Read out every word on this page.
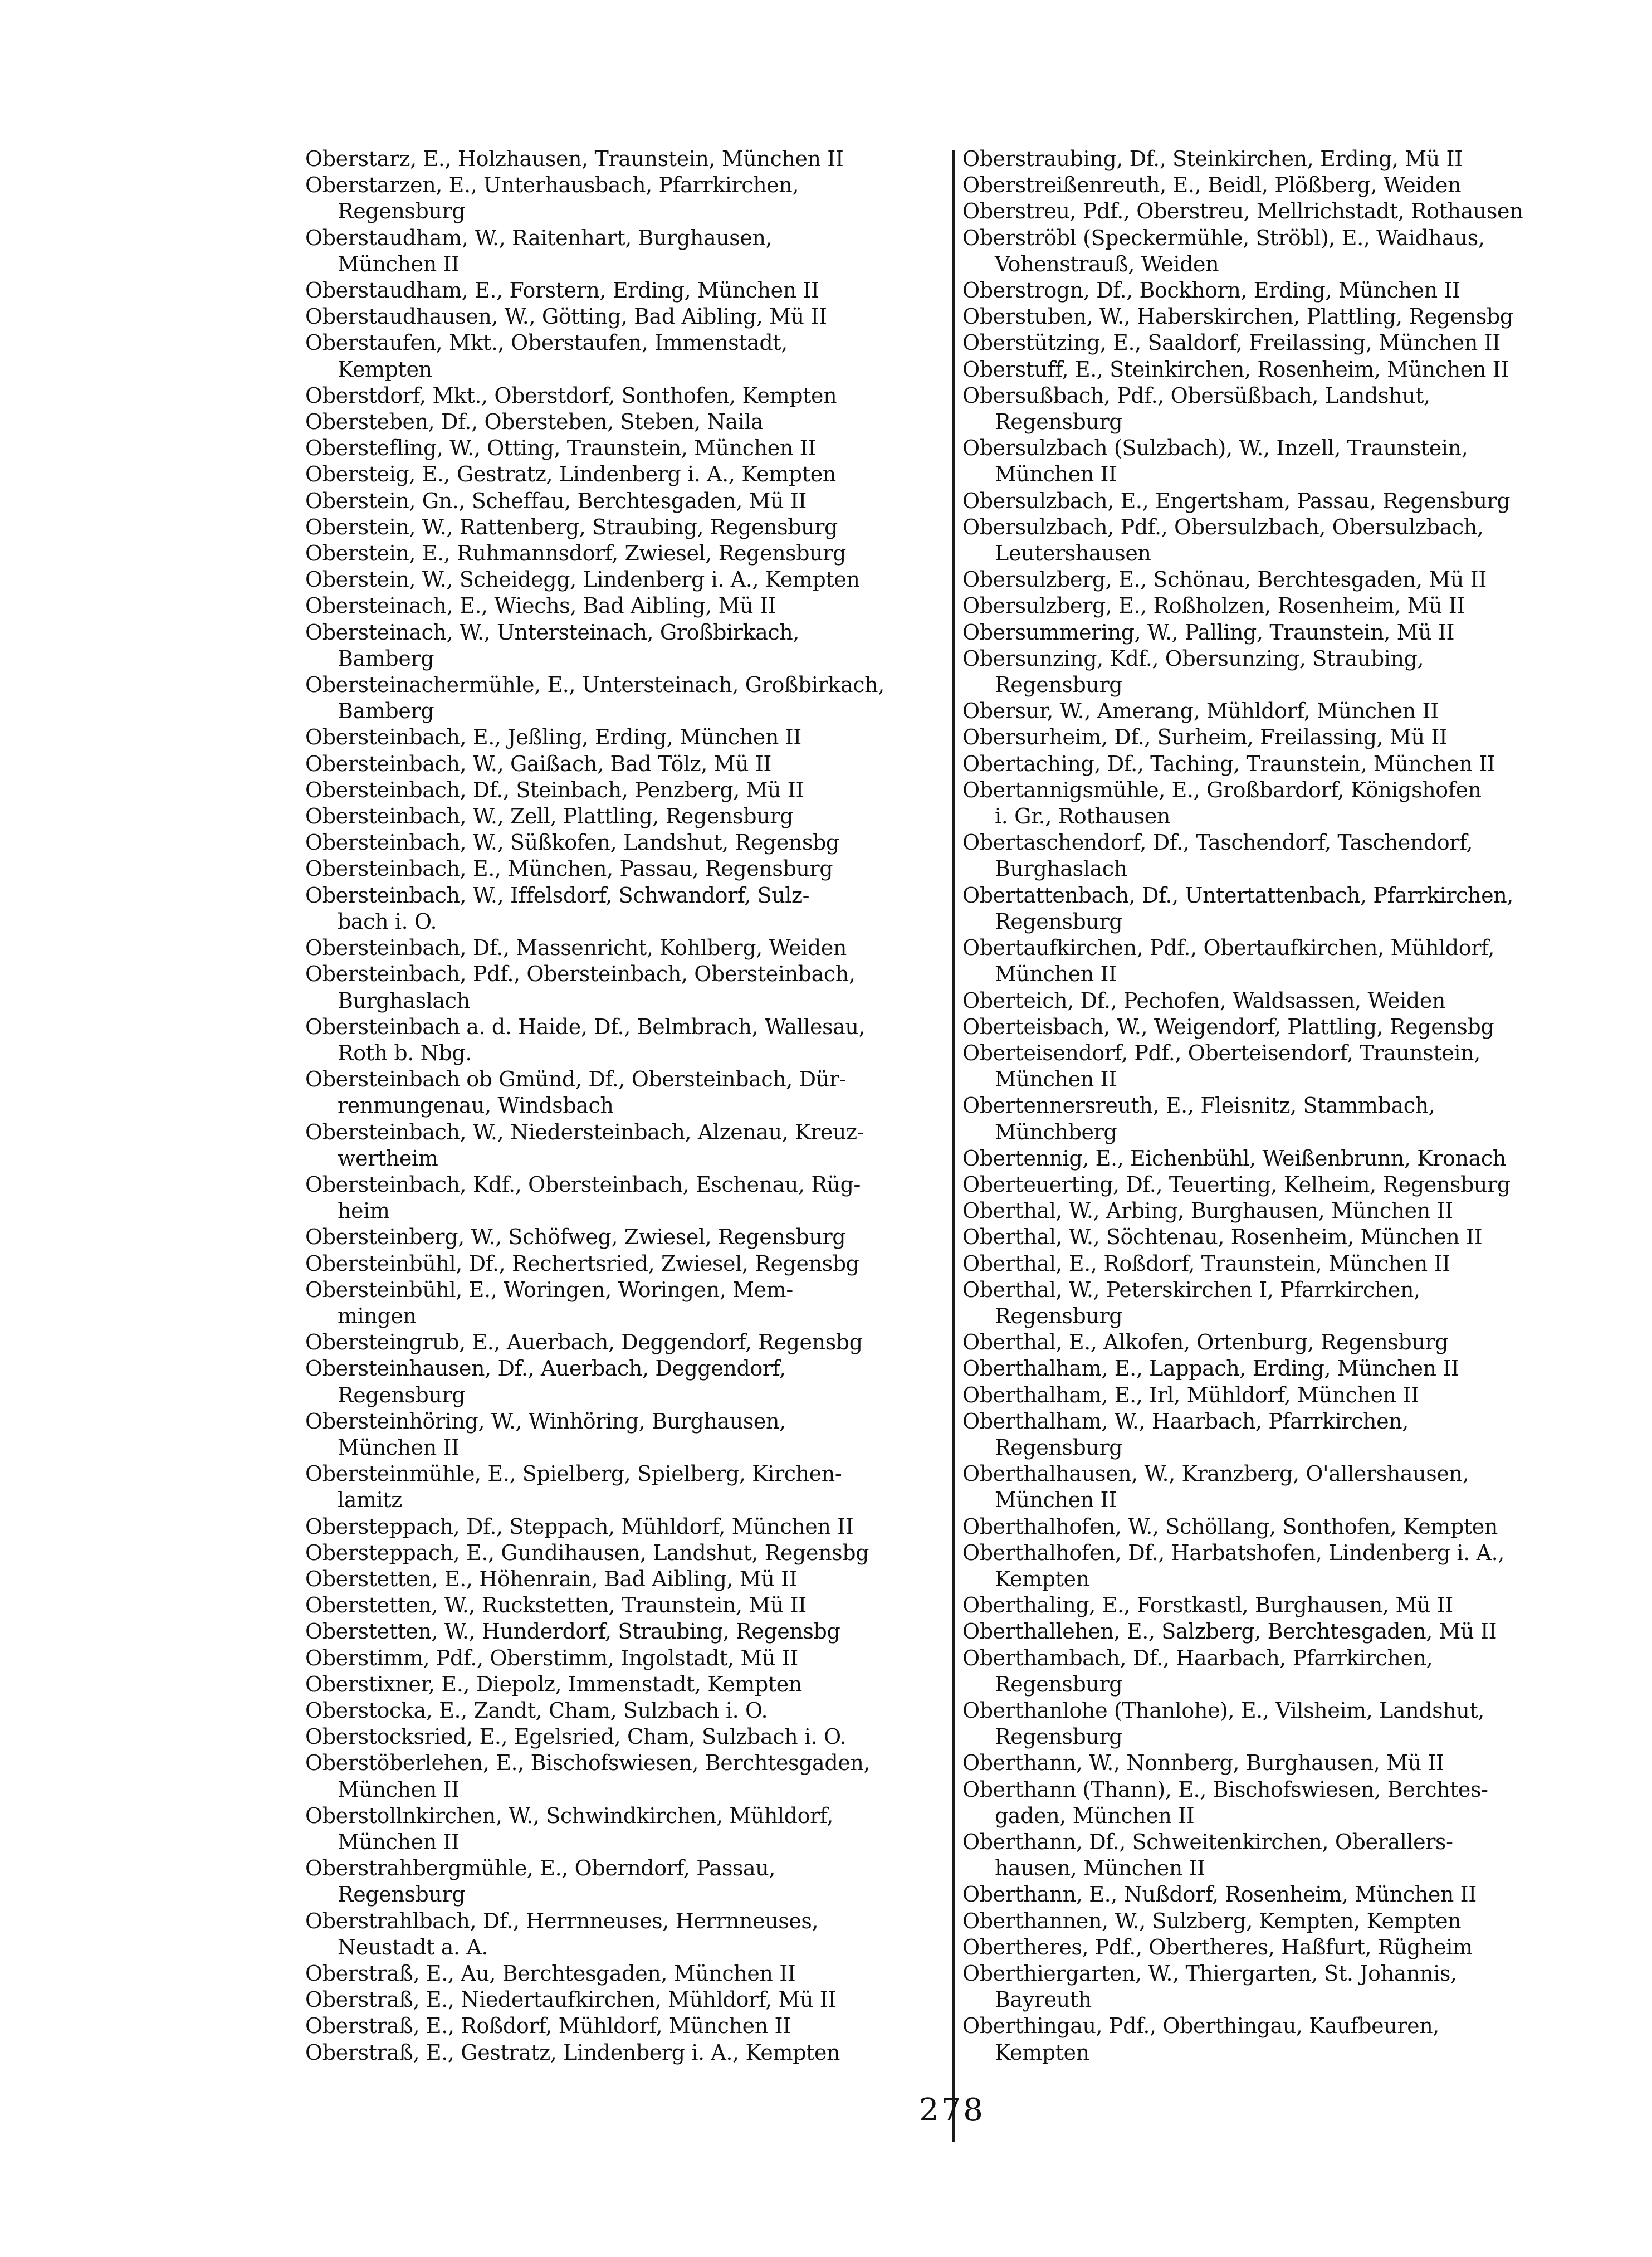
Oberstarz, E., Holzhausen, Traunstein, München II
Oberstarzen, E., Unterhausbach, Pfarrkirchen,
Regensburg
Oberstaudham, W., Raitenhart, Burghausen,
München II
Oberstaudham, E., Forstern, Erding, München II
Oberstaudhausen, W., Götting, Bad Aibling, Mü II
Oberstaufen, Mkt., Oberstaufen, Immenstadt,
Kempten
Oberstdorf, Mkt., Oberstdorf, Sonthofen, Kempten
Obersteben, Df., Obersteben, Steben, Naila
Oberstefling, W., Otting, Traunstein, München II
Obersteig, E., Gestratz, Lindenberg i. A., Kempten
Oberstein, Gn., Scheffau, Berchtesgaden, Mü II
Oberstein, W., Rattenberg, Straubing, Regensburg
Oberstein, E., Ruhmannsdorf, Zwiesel, Regensburg
Oberstein, W., Scheidegg, Lindenberg i. A., Kempten
Obersteinach, E., Wiechs, Bad Aibling, Mü II
Obersteinach, W., Untersteinach, Großbirkach,
Bamberg
Obersteinachermühle, E., Untersteinach, Großbirkach,
Bamberg
Obersteinbach, E., Jeßling, Erding, München II
Obersteinbach, W., Gaißach, Bad Tölz, Mü II
Obersteinbach, Df., Steinbach, Penzberg, Mü II
Obersteinbach, W., Zell, Plattling, Regensburg
Obersteinbach, W., Süßkofen, Landshut, Regensbg
Obersteinbach, E., München, Passau, Regensburg
Obersteinbach, W., Iffelsdorf, Schwandorf, Sulz-
bach i. O.
Obersteinbach, Df., Massenricht, Kohlberg, Weiden
Obersteinbach, Pdf., Obersteinbach, Obersteinbach,
Burghaslach
Obersteinbach a. d. Haide, Df., Belmbrach, Wallesau,
Roth b. Nbg.
Obersteinbach ob Gmünd, Df., Obersteinbach, Dür-
renmungenau, Windsbach
Obersteinbach, W., Niedersteinbach, Alzenau, Kreuz-
wertheim
Obersteinbach, Kdf., Obersteinbach, Eschenau, Rüg-
heim
Obersteinberg, W., Schöfweg, Zwiesel, Regensburg
Obersteinbühl, Df., Rechertsried, Zwiesel, Regensbg
Obersteinbühl, E., Woringen, Woringen, Mem-
mingen
Obersteingrub, E., Auerbach, Deggendorf, Regensbg
Obersteinhausen, Df., Auerbach, Deggendorf,
Regensburg
Obersteinhöring, W., Winhöring, Burghausen,
München II
Obersteinmühle, E., Spielberg, Spielberg, Kirchen-
lamitz
Obersteppach, Df., Steppach, Mühldorf, München II
Obersteppach, E., Gundihausen, Landshut, Regensbg
Oberstetten, E., Höhenrain, Bad Aibling, Mü II
Oberstetten, W., Ruckstetten, Traunstein, Mü II
Oberstetten, W., Hunderdorf, Straubing, Regensbg
Oberstimm, Pdf., Oberstimm, Ingolstadt, Mü II
Oberstixner, E., Diepolz, Immenstadt, Kempten
Oberstocka, E., Zandt, Cham, Sulzbach i. O.
Oberstocksried, E., Egelsried, Cham, Sulzbach i. O.
Oberstöberlehen, E., Bischofswiesen, Berchtesgaden,
München II
Oberstollnkirchen, W., Schwindkirchen, Mühldorf,
München II
Oberstrahbergmühle, E., Oberndorf, Passau,
Regensburg
Oberstrahlbach, Df., Herrnneuses, Herrnneuses,
Neustadt a. A.
Oberstraß, E., Au, Berchtesgaden, München II
Oberstraß, E., Niedertaufkirchen, Mühldorf, Mü II
Oberstraß, E., Roßdorf, Mühldorf, München II
Oberstraß, E., Gestratz, Lindenberg i. A., Kempten
Oberstraubing, Df., Steinkirchen, Erding, Mü II
Oberstreißenreuth, E., Beidl, Plößberg, Weiden
Oberstreu, Pdf., Oberstreu, Mellrichstadt, Rothausen
Oberströbl (Speckermühle, Ströbl), E., Waidhaus,
Vohenstrauß, Weiden
Oberstrogn, Df., Bockhorn, Erding, München II
Oberstuben, W., Haberskirchen, Plattling, Regensbg
Oberstützing, E., Saaldorf, Freilassing, München II
Oberstuff, E., Steinkirchen, Rosenheim, München II
Obersußbach, Pdf., Obersüßbach, Landshut,
Regensburg
Obersulzbach (Sulzbach), W., Inzell, Traunstein,
München II
Obersulzbach, E., Engertsham, Passau, Regensburg
Obersulzbach, Pdf., Obersulzbach, Obersulzbach,
Leutershausen
Obersulzberg, E., Schönau, Berchtesgaden, Mü II
Obersulzberg, E., Roßholzen, Rosenheim, Mü II
Obersummering, W., Palling, Traunstein, Mü II
Obersunzing, Kdf., Obersunzing, Straubing,
Regensburg
Obersur, W., Amerang, Mühldorf, München II
Obersurheim, Df., Surheim, Freilassing, Mü II
Obertaching, Df., Taching, Traunstein, München II
Obertannigsmühle, E., Großbardorf, Königshofen
i. Gr., Rothausen
Obertaschendorf, Df., Taschendorf, Taschendorf,
Burghaslach
Obertattenbach, Df., Untertattenbach, Pfarrkirchen,
Regensburg
Obertaufkirchen, Pdf., Obertaufkirchen, Mühldorf,
München II
Oberteich, Df., Pechofen, Waldsassen, Weiden
Oberteisbach, W., Weigendorf, Plattling, Regensbg
Oberteisendorf, Pdf., Oberteisendorf, Traunstein,
München II
Obertennersreuth, E., Fleisnitz, Stammbach,
Münchberg
Obertennig, E., Eichenbühl, Weißenbrunn, Kronach
Oberteuerting, Df., Teuerting, Kelheim, Regensburg
Oberthal, W., Arbing, Burghausen, München II
Oberthal, W., Söchtenau, Rosenheim, München II
Oberthal, E., Roßdorf, Traunstein, München II
Oberthal, W., Peterskirchen I, Pfarrkirchen,
Regensburg
Oberthal, E., Alkofen, Ortenburg, Regensburg
Oberthalham, E., Lappach, Erding, München II
Oberthalham, E., Irl, Mühldorf, München II
Oberthalham, W., Haarbach, Pfarrkirchen,
Regensburg
Oberthalhausen, W., Kranzberg, O'allershausen,
München II
Oberthalhofen, W., Schöllang, Sonthofen, Kempten
Oberthalhofen, Df., Harbatshofen, Lindenberg i. A.,
Kempten
Oberthaling, E., Forstkastl, Burghausen, Mü II
Oberthallehen, E., Salzberg, Berchtesgaden, Mü II
Oberthambach, Df., Haarbach, Pfarrkirchen,
Regensburg
Oberthanlohe (Thanlohe), E., Vilsheim, Landshut,
Regensburg
Oberthann, W., Nonnberg, Burghausen, Mü II
Oberthann (Thann), E., Bischofswiesen, Berchtes-
gaden, München II
Oberthann, Df., Schweitenkirchen, Oberallers-
hausen, München II
Oberthann, E., Nußdorf, Rosenheim, München II
Oberthannen, W., Sulzberg, Kempten, Kempten
Obertheres, Pdf., Obertheres, Haßfurt, Rügheim
Oberthiergarten, W., Thiergarten, St. Johannis,
Bayreuth
Oberthingau, Pdf., Oberthingau, Kaufbeuren,
Kempten
278
